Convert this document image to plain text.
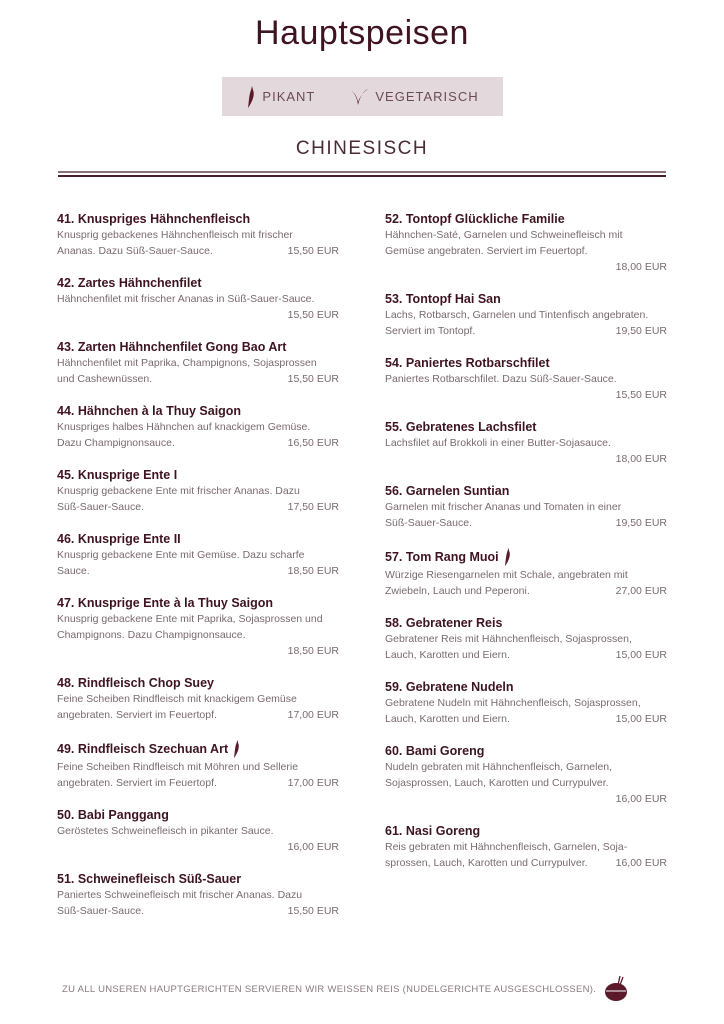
Hauptspeisen
PIKANT	VEGETARISCH
CHINESISCH
41. Knuspriges Hähnchenfleisch
Knusprig gebackenes Hähnchenfleisch mit frischer
Ananas. Dazu Süß-Sauer-Sauce.	15,50 EUR
42. Zartes Hähnchenfilet
Hähnchenfilet mit frischer Ananas in Süß-Sauer-Sauce.
15,50 EUR
43. Zarten Hähnchenfilet Gong Bao Art
Hähnchenfilet mit Paprika, Champignons, Sojasprossen
und Cashewnüssen.	15,50 EUR
44. Hähnchen à la Thuy Saigon
Knuspriges halbes Hähnchen auf knackigem Gemüse.
Dazu Champignonsauce.	16,50 EUR
45. Knusprige Ente I
Knusprig gebackene Ente mit frischer Ananas. Dazu
Süß-Sauer-Sauce.	17,50 EUR
46. Knusprige Ente II
Knusprig gebackene Ente mit Gemüse. Dazu scharfe
Sauce.	18,50 EUR
47. Knusprige Ente à la Thuy Saigon
Knusprig gebackene Ente mit Paprika, Sojasprossen und
Champignons. Dazu Champignonsauce.
18,50 EUR
48. Rindfleisch Chop Suey
Feine Scheiben Rindfleisch mit knackigem Gemüse
angebraten. Serviert im Feuertopf.	17,00 EUR
49. Rindfleisch Szechuan Art
Feine Scheiben Rindfleisch mit Möhren und Sellerie
angebraten. Serviert im Feuertopf.	17,00 EUR
50. Babi Panggang
Geröstetes Schweinefleisch in pikanter Sauce.
16,00 EUR
51. Schweinefleisch Süß-Sauer
Paniertes Schweinefleisch mit frischer Ananas. Dazu
Süß-Sauer-Sauce.	15,50 EUR
52. Tontopf Glückliche Familie
Hähnchen-Saté, Garnelen und Schweinefleisch mit
Gemüse angebraten. Serviert im Feuertopf.
18,00 EUR
53. Tontopf Hai San
Lachs, Rotbarsch, Garnelen und Tintenfisch angebraten.
Serviert im Tontopf.	19,50 EUR
54. Paniertes Rotbarschfilet
Paniertes Rotbarschfilet. Dazu Süß-Sauer-Sauce.
15,50 EUR
55. Gebratenes Lachsfilet
Lachsfilet auf Brokkoli in einer Butter-Sojasauce.
18,00 EUR
56. Garnelen Suntian
Garnelen mit frischer Ananas und Tomaten in einer
Süß-Sauer-Sauce.	19,50 EUR
57. Tom Rang Muoi
Würzige Riesengarnelen mit Schale, angebraten mit
Zwiebeln, Lauch und Peperoni.	27,00 EUR
58. Gebratener Reis
Gebratener Reis mit Hähnchenfleisch, Sojasprossen,
Lauch, Karotten und Eiern.	15,00 EUR
59. Gebratene Nudeln
Gebratene Nudeln mit Hähnchenfleisch, Sojasprossen,
Lauch, Karotten und Eiern.	15,00 EUR
60. Bami Goreng
Nudeln gebraten mit Hähnchenfleisch, Garnelen,
Sojasprossen, Lauch, Karotten und Currypulver.
16,00 EUR
61. Nasi Goreng
Reis gebraten mit Hähnchenfleisch, Garnelen, Soja-
sprossen, Lauch, Karotten und Currypulver.	16,00 EUR
ZU ALL UNSEREN HAUPTGERICHTEN SERVIEREN WIR WEISSEN REIS (NUDELGERICHTE AUSGESCHLOSSEN).
